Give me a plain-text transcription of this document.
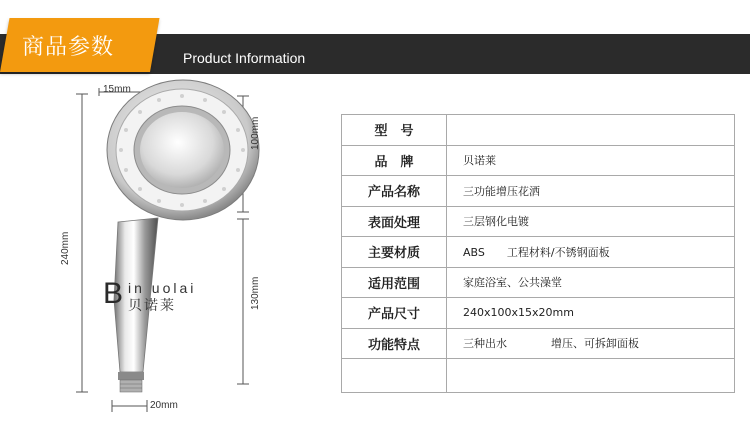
商品参数	Product Information
15mm
100mm
240mm
130mm
20mm
B in uolai
贝诺莱
型　号	
品　牌	贝诺莱
产品名称	三功能增压花洒
表面处理	三层钢化电镀
主要材质	ABS　　工程材料/不锈钢面板
适用范围	家庭浴室、公共澡堂
产品尺寸	240x100x15x20mm
功能特点	三种出水　　　　增压、可拆卸面板
